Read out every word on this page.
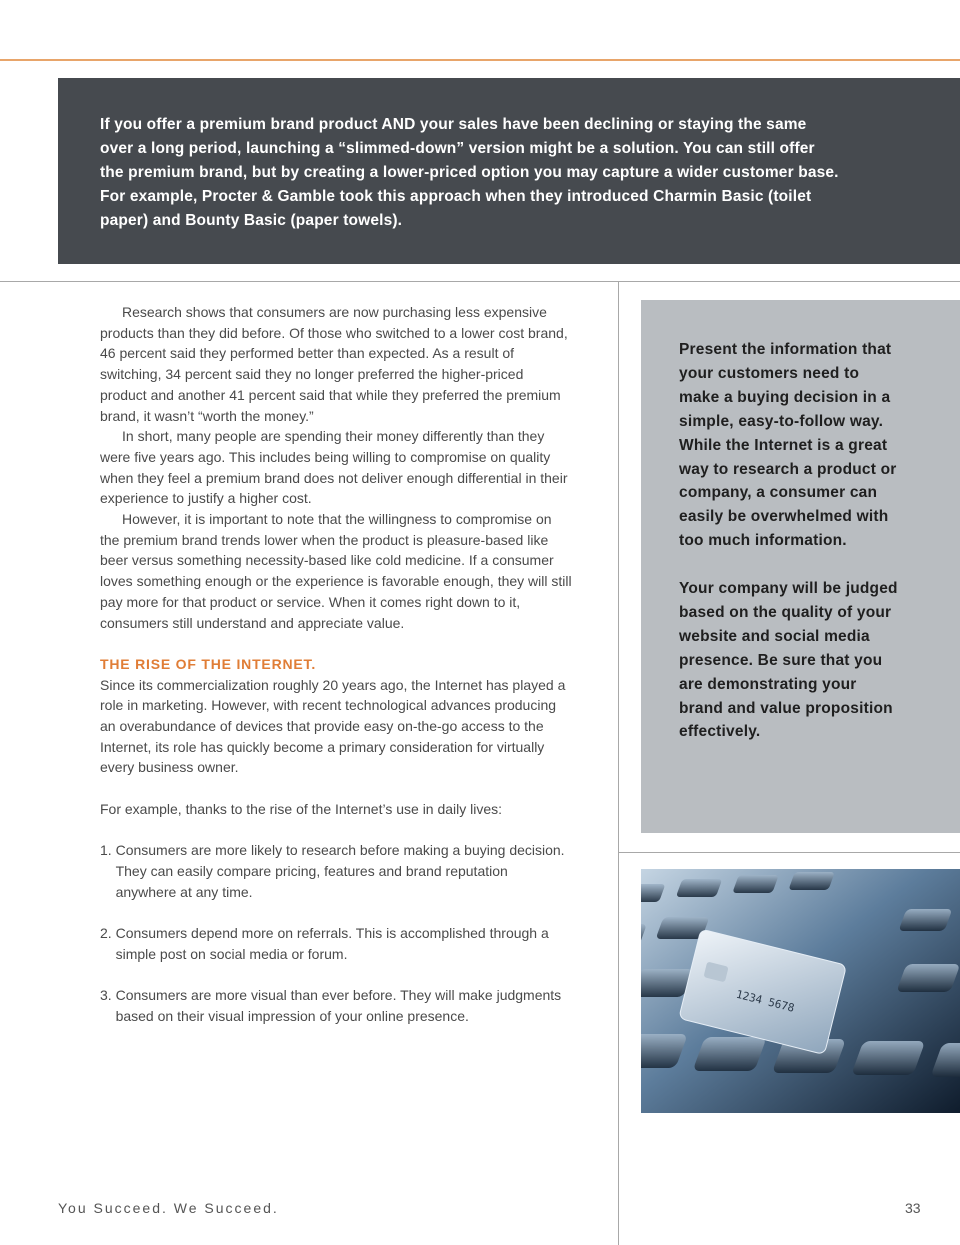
If you offer a premium brand product AND your sales have been declining or staying the same over a long period, launching a “slimmed-down” version might be a solution. You can still offer the premium brand, but by creating a lower-priced option you may capture a wider customer base. For example, Procter & Gamble took this approach when they introduced Charmin Basic (toilet paper) and Bounty Basic (paper towels).

Research shows that consumers are now purchasing less expensive products than they did before. Of those who switched to a lower cost brand, 46 percent said they performed better than expected. As a result of switching, 34 percent said they no longer preferred the higher-priced product and another 41 percent said that while they preferred the premium brand, it wasn’t “worth the money.”

In short, many people are spending their money differently than they were five years ago. This includes being willing to compromise on quality when they feel a premium brand does not deliver enough differential in their experience to justify a higher cost.

However, it is important to note that the willingness to compromise on the premium brand trends lower when the product is pleasure-based like beer versus something necessity-based like cold medicine. If a consumer loves something enough or the experience is favorable enough, they will still pay more for that product or service. When it comes right down to it, consumers still understand and appreciate value.

THE RISE OF THE INTERNET.

Since its commercialization roughly 20 years ago, the Internet has played a role in marketing. However, with recent technological advances producing an overabundance of devices that provide easy on-the-go access to the Internet, its role has quickly become a primary consideration for virtually every business owner.

For example, thanks to the rise of the Internet’s use in daily lives:

1. Consumers are more likely to research before making a buying decision. They can easily compare pricing, features and brand reputation anywhere at any time.
2. Consumers depend more on referrals. This is accomplished through a simple post on social media or forum.
3. Consumers are more visual than ever before. They will make judgments based on their visual impression of your online presence.

Present the information that your customers need to make a buying decision in a simple, easy-to-follow way. While the Internet is a great way to research a product or company, a consumer can easily be overwhelmed with too much information.

Your company will be judged based on the quality of your website and social media presence. Be sure that you are demonstrating your brand and value proposition effectively.

1234 5678
You Succeed. We Succeed.	33
